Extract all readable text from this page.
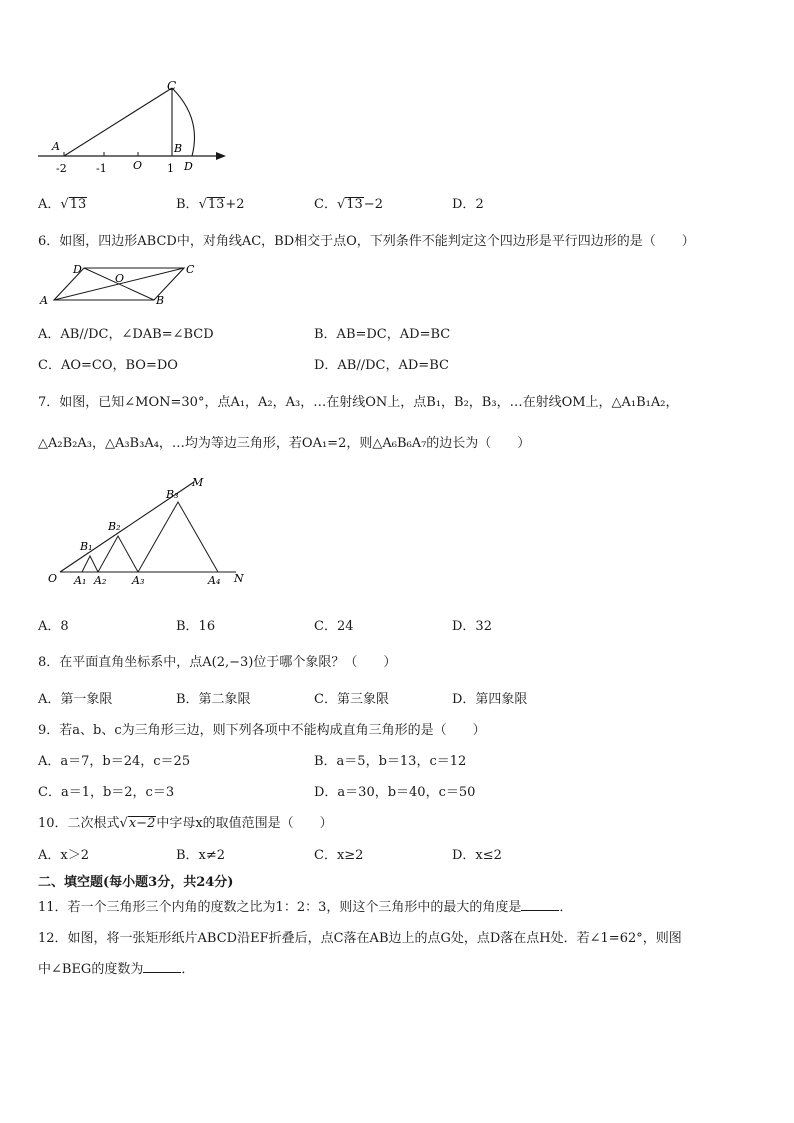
C
A	B
D
-2	-1 O 1
A．√13	B．√13+2	C．√13−2	D．2
6．如图，四边形ABCD中，对角线AC，BD相交于点O，下列条件不能判定这个四边形是平行四边形的是（　　）
A	B
C
D
O
A．AB//DC，∠DAB=∠BCD	B．AB=DC，AD=BC
C．AO=CO，BO=DO	D．AB//DC，AD=BC
7．如图，已知∠MON=30°，点A₁，A₂，A₃，…在射线ON上，点B₁，B₂，B₃，…在射线OM上，△A₁B₁A₂，
△A₂B₂A₃，△A₃B₃A₄，…均为等边三角形，若OA₁=2，则△A₆B₆A₇的边长为（　　）
O A₁ A₂ A₃	A₄ N
B₁
B₂
B₃
M
A．8	B．16	C．24	D．32
8．在平面直角坐标系中，点A(2,−3)位于哪个象限？（　　）
A．第一象限	B．第二象限	C．第三象限	D．第四象限
9．若a、b、c为三角形三边，则下列各项中不能构成直角三角形的是（　　）
A．a＝7，b＝24，c＝25	B．a＝5，b＝13，c＝12
C．a＝1，b＝2，c＝3	D．a＝30，b＝40，c＝50
10．二次根式√x−2中字母x的取值范围是（　　）
A．x＞2	B．x≠2	C．x≥2	D．x≤2
二、填空题(每小题3分，共24分)
11．若一个三角形三个内角的度数之比为1：2：3，则这个三角形中的最大的角度是	．
12．如图，将一张矩形纸片ABCD沿EF折叠后，点C落在AB边上的点G处，点D落在点H处．若∠1=62°，则图
中∠BEG的度数为	．
